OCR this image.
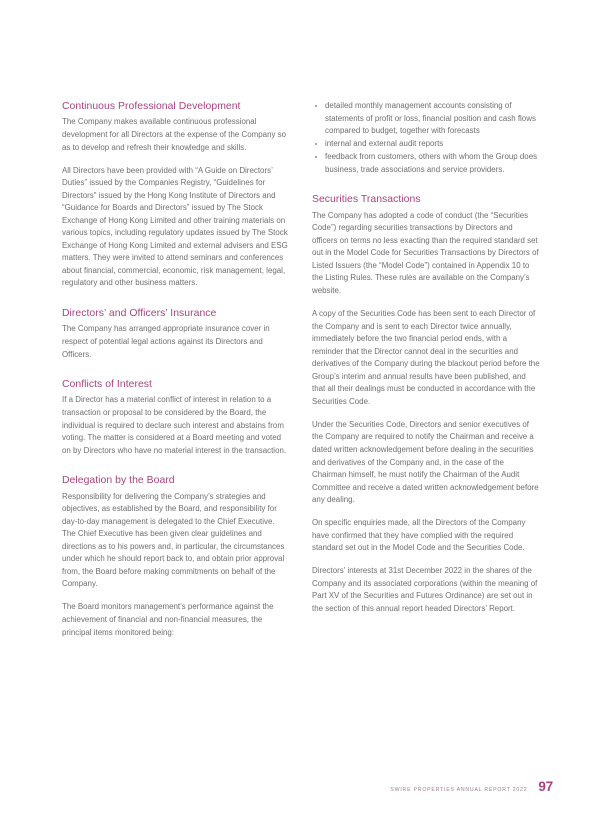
Continuous Professional Development

The Company makes available continuous professional development for all Directors at the expense of the Company so as to develop and refresh their knowledge and skills.

All Directors have been provided with “A Guide on Directors’ Duties” issued by the Companies Registry, “Guidelines for Directors” issued by the Hong Kong Institute of Directors and “Guidance for Boards and Directors” issued by The Stock Exchange of Hong Kong Limited and other training materials on various topics, including regulatory updates issued by The Stock Exchange of Hong Kong Limited and external advisers and ESG matters. They were invited to attend seminars and conferences about financial, commercial, economic, risk management, legal, regulatory and other business matters.

Directors’ and Officers’ Insurance

The Company has arranged appropriate insurance cover in respect of potential legal actions against its Directors and Officers.

Conflicts of Interest

If a Director has a material conflict of interest in relation to a transaction or proposal to be considered by the Board, the individual is required to declare such interest and abstains from voting. The matter is considered at a Board meeting and voted on by Directors who have no material interest in the transaction.

Delegation by the Board

Responsibility for delivering the Company’s strategies and objectives, as established by the Board, and responsibility for day-to-day management is delegated to the Chief Executive. The Chief Executive has been given clear guidelines and directions as to his powers and, in particular, the circumstances under which he should report back to, and obtain prior approval from, the Board before making commitments on behalf of the Company.

The Board monitors management’s performance against the achievement of financial and non-financial measures, the principal items monitored being:

detailed monthly management accounts consisting of statements of profit or loss, financial position and cash flows compared to budget, together with forecasts
internal and external audit reports
feedback from customers, others with whom the Group does business, trade associations and service providers.
Securities Transactions

The Company has adopted a code of conduct (the “Securities Code”) regarding securities transactions by Directors and officers on terms no less exacting than the required standard set out in the Model Code for Securities Transactions by Directors of Listed Issuers (the “Model Code”) contained in Appendix 10 to the Listing Rules. These rules are available on the Company’s website.

A copy of the Securities Code has been sent to each Director of the Company and is sent to each Director twice annually, immediately before the two financial period ends, with a reminder that the Director cannot deal in the securities and derivatives of the Company during the blackout period before the Group’s interim and annual results have been published, and that all their dealings must be conducted in accordance with the Securities Code.

Under the Securities Code, Directors and senior executives of the Company are required to notify the Chairman and receive a dated written acknowledgement before dealing in the securities and derivatives of the Company and, in the case of the Chairman himself, he must notify the Chairman of the Audit Committee and receive a dated written acknowledgement before any dealing.

On specific enquiries made, all the Directors of the Company have confirmed that they have complied with the required standard set out in the Model Code and the Securities Code.

Directors’ interests at 31st December 2022 in the shares of the Company and its associated corporations (within the meaning of Part XV of the Securities and Futures Ordinance) are set out in the section of this annual report headed Directors’ Report.

SWIRE PROPERTIES ANNUAL REPORT 2022 97
